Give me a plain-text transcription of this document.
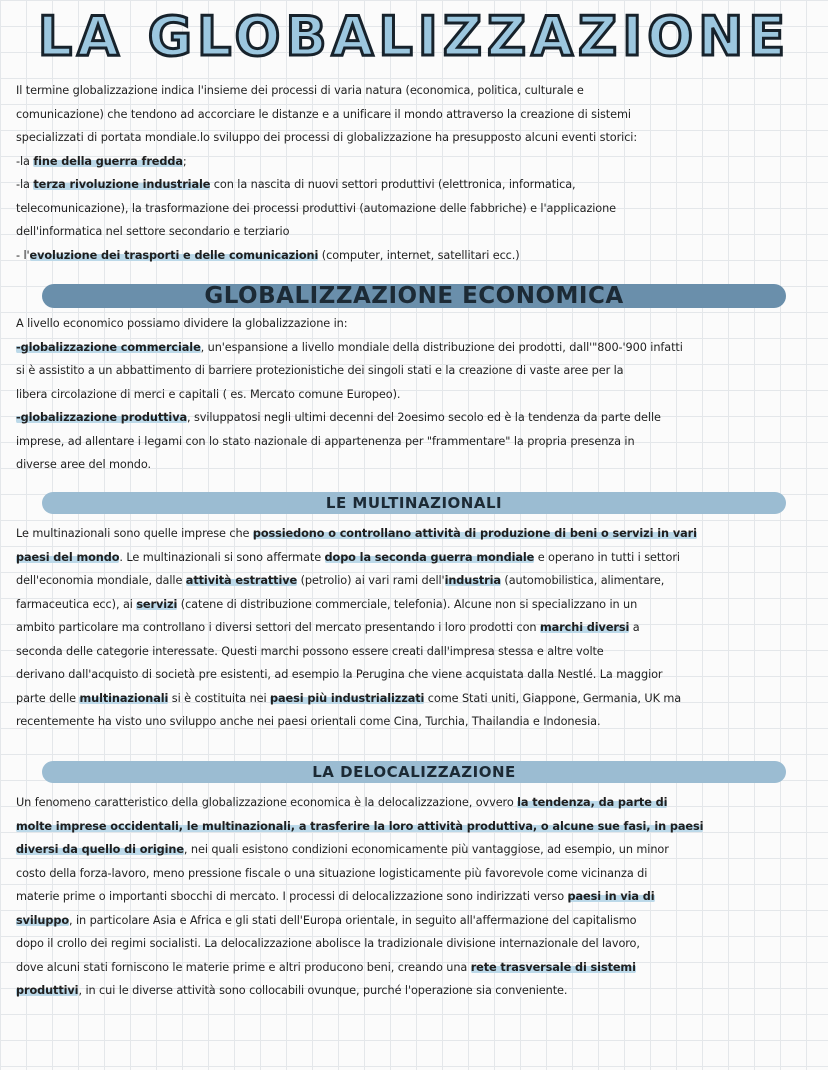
LA GLOBALIZZAZIONE
Il termine globalizzazione indica l'insieme dei processi di varia natura (economica, politica, culturale e
comunicazione) che tendono ad accorciare le distanze e a unificare il mondo attraverso la creazione di sistemi
specializzati di portata mondiale.lo sviluppo dei processi di globalizzazione ha presupposto alcuni eventi storici:
-la fine della guerra fredda;
-la terza rivoluzione industriale con la nascita di nuovi settori produttivi (elettronica, informatica,
telecomunicazione), la trasformazione dei processi produttivi (automazione delle fabbriche) e l'applicazione
dell'informatica nel settore secondario e terziario
- l'evoluzione dei trasporti e delle comunicazioni (computer, internet, satellitari ecc.)
GLOBALIZZAZIONE ECONOMICA
A livello economico possiamo dividere la globalizzazione in:
-globalizzazione commerciale, un'espansione a livello mondiale della distribuzione dei prodotti, dall'"800-'900 infatti
si è assistito a un abbattimento di barriere protezionistiche dei singoli stati e la creazione di vaste aree per la
libera circolazione di merci e capitali ( es. Mercato comune Europeo).
-globalizzazione produttiva, sviluppatosi negli ultimi decenni del 2oesimo secolo ed è la tendenza da parte delle
imprese, ad allentare i legami con lo stato nazionale di appartenenza per "frammentare" la propria presenza in
diverse aree del mondo.
LE MULTINAZIONALI
Le multinazionali sono quelle imprese che possiedono o controllano attività di produzione di beni o servizi in vari
paesi del mondo. Le multinazionali si sono affermate dopo la seconda guerra mondiale e operano in tutti i settori
dell'economia mondiale, dalle attività estrattive (petrolio) ai vari rami dell'industria (automobilistica, alimentare,
farmaceutica ecc), ai servizi (catene di distribuzione commerciale, telefonia). Alcune non si specializzano in un
ambito particolare ma controllano i diversi settori del mercato presentando i loro prodotti con marchi diversi a
seconda delle categorie interessate. Questi marchi possono essere creati dall'impresa stessa e altre volte
derivano dall'acquisto di società pre esistenti, ad esempio la Perugina che viene acquistata dalla Nestlé. La maggior
parte delle multinazionali si è costituita nei paesi più industrializzati come Stati uniti, Giappone, Germania, UK ma
recentemente ha visto uno sviluppo anche nei paesi orientali come Cina, Turchia, Thailandia e Indonesia.
LA DELOCALIZZAZIONE
Un fenomeno caratteristico della globalizzazione economica è la delocalizzazione, ovvero la tendenza, da parte di
molte imprese occidentali, le multinazionali, a trasferire la loro attività produttiva, o alcune sue fasi, in paesi
diversi da quello di origine, nei quali esistono condizioni economicamente più vantaggiose, ad esempio, un minor
costo della forza-lavoro, meno pressione fiscale o una situazione logisticamente più favorevole come vicinanza di
materie prime o importanti sbocchi di mercato. I processi di delocalizzazione sono indirizzati verso paesi in via di
sviluppo, in particolare Asia e Africa e gli stati dell'Europa orientale, in seguito all'affermazione del capitalismo
dopo il crollo dei regimi socialisti. La delocalizzazione abolisce la tradizionale divisione internazionale del lavoro,
dove alcuni stati forniscono le materie prime e altri producono beni, creando una rete trasversale di sistemi
produttivi, in cui le diverse attività sono collocabili ovunque, purché l'operazione sia conveniente.
